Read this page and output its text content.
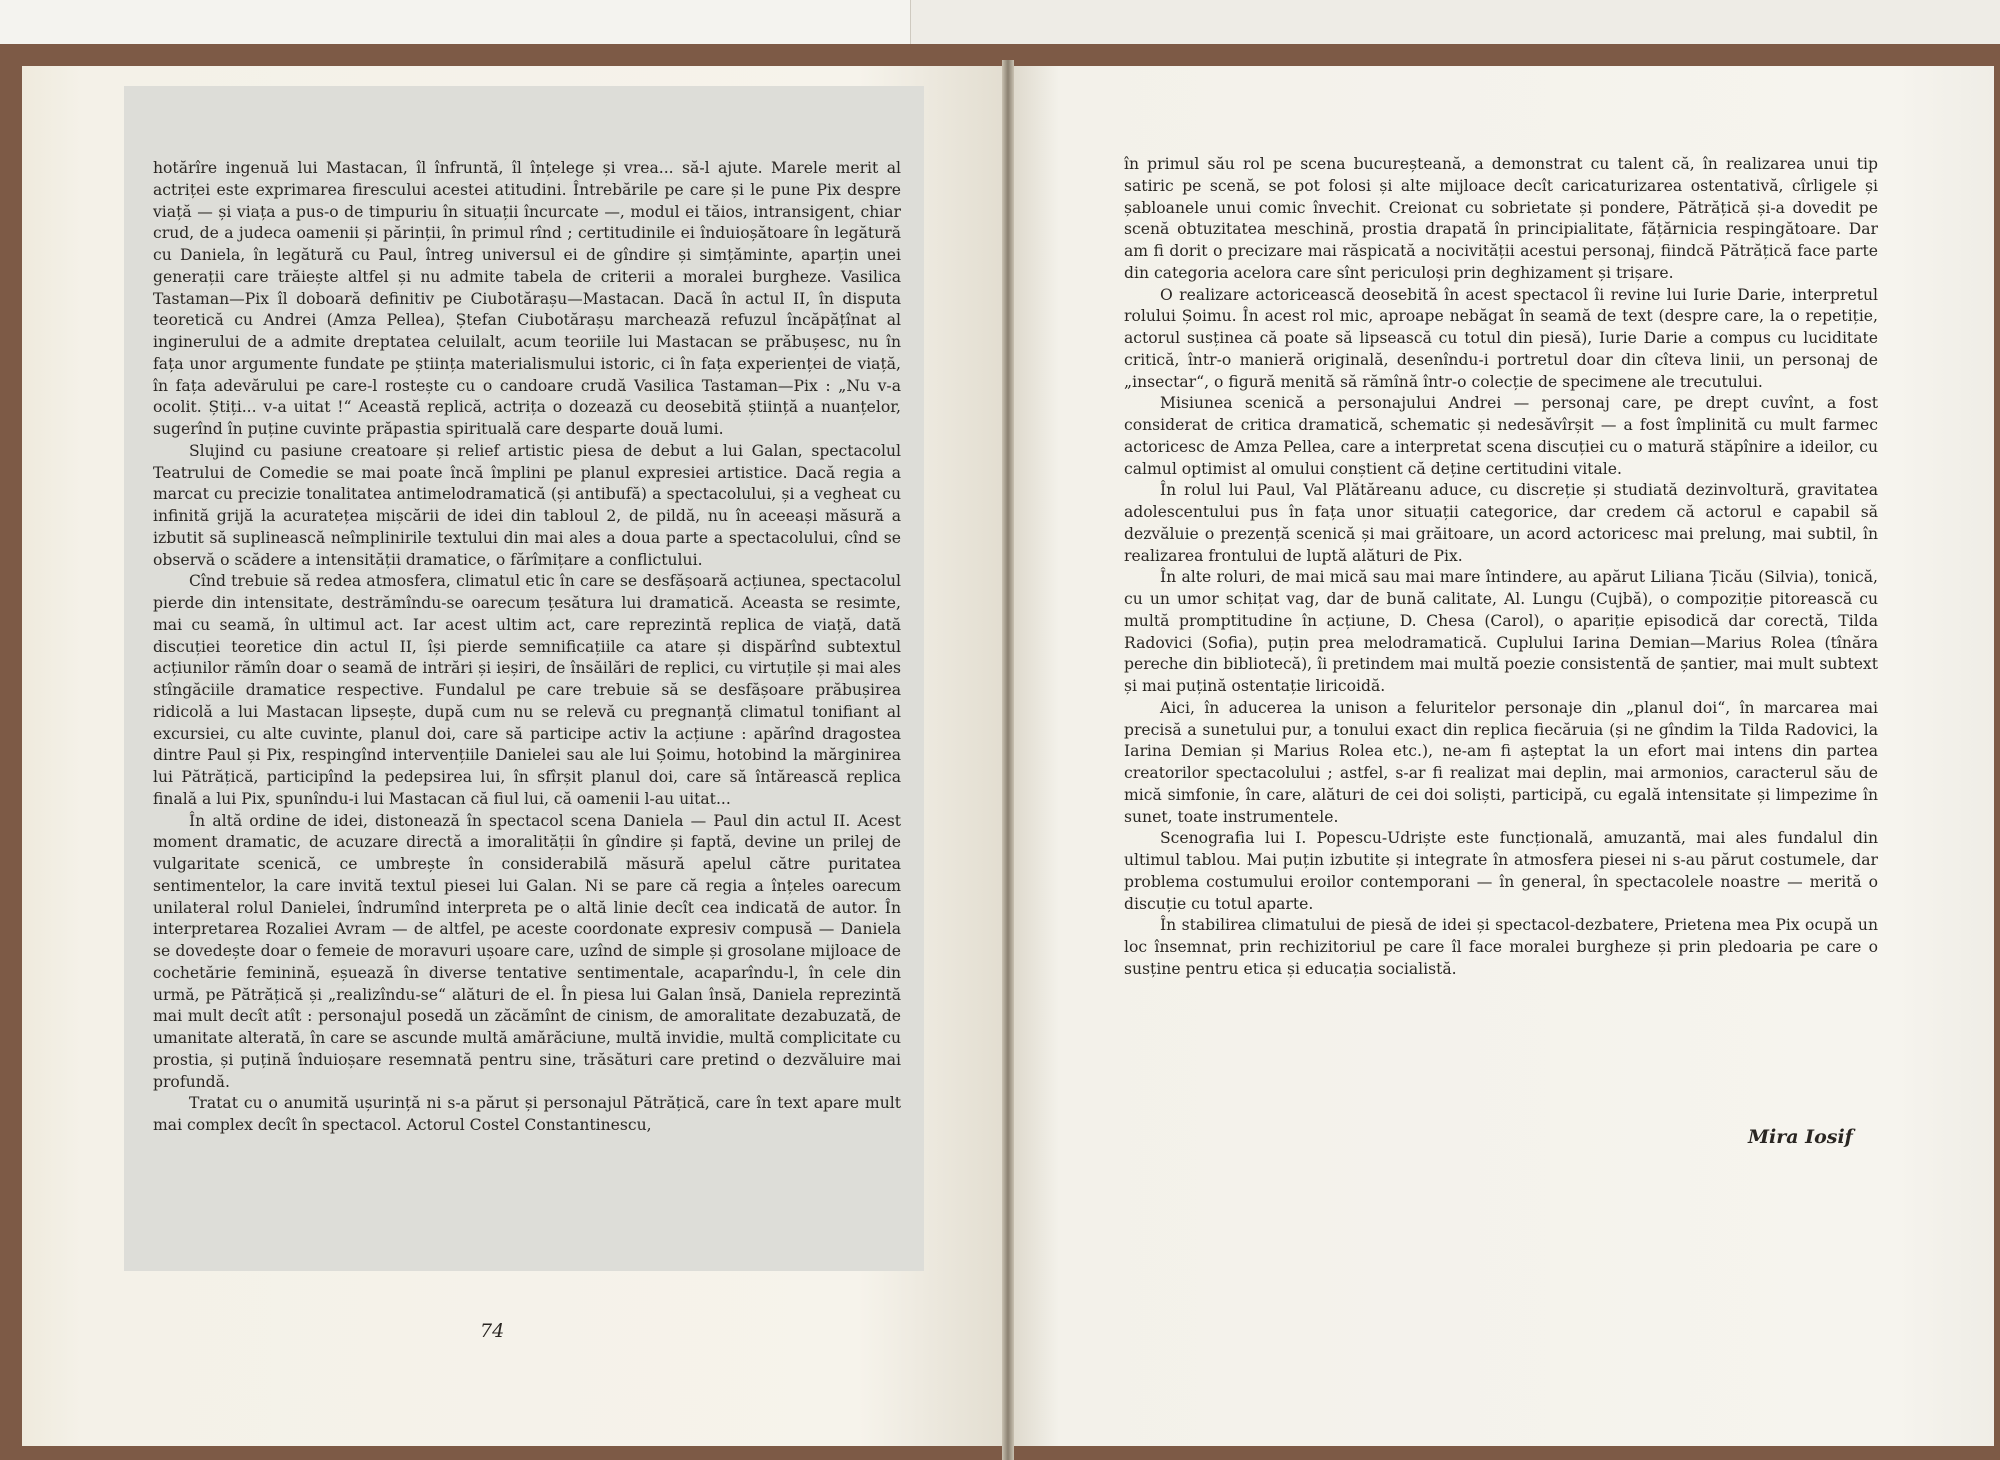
hotărîre ingenuă lui Mastacan, îl înfruntă, îl înțelege și vrea... să-l ajute. Marele merit al actriței este exprimarea firescului acestei atitudini. Întrebările pe care și le pune Pix despre viață — și viața a pus-o de timpuriu în situații încurcate —, modul ei tăios, intransigent, chiar crud, de a judeca oamenii și părinții, în primul rînd ; certitudinile ei înduioșătoare în legătură cu Daniela, în legătură cu Paul, întreg universul ei de gîndire și simțăminte, aparțin unei generații care trăiește altfel și nu admite tabela de criterii a moralei burgheze. Vasilica Tastaman—Pix îl doboară definitiv pe Ciubotărașu—Mastacan. Dacă în actul II, în disputa teoretică cu Andrei (Amza Pellea), Ștefan Ciubotărașu marchează refuzul încăpățînat al inginerului de a admite dreptatea celuilalt, acum teoriile lui Mastacan se prăbușesc, nu în fața unor argumente fundate pe știința materialismului istoric, ci în fața experienței de viață, în fața adevărului pe care-l rostește cu o candoare crudă Vasilica Tastaman—Pix : „Nu v-a ocolit. Știți... v-a uitat !“ Această replică, actrița o dozează cu deosebită știință a nuanțelor, sugerînd în puține cuvinte prăpastia spirituală care desparte două lumi.

Slujind cu pasiune creatoare și relief artistic piesa de debut a lui Galan, spectacolul Teatrului de Comedie se mai poate încă împlini pe planul expresiei artistice. Dacă regia a marcat cu precizie tonalitatea antimelodramatică (și antibufă) a spectacolului, și a vegheat cu infinită grijă la acuratețea mișcării de idei din tabloul 2, de pildă, nu în aceeași măsură a izbutit să suplinească neîmplinirile textului din mai ales a doua parte a spectacolului, cînd se observă o scădere a intensității dramatice, o fărîmițare a conflictului.

Cînd trebuie să redea atmosfera, climatul etic în care se desfășoară acțiunea, spectacolul pierde din intensitate, destrămîndu-se oarecum țesătura lui dramatică. Aceasta se resimte, mai cu seamă, în ultimul act. Iar acest ultim act, care reprezintă replica de viață, dată discuției teoretice din actul II, își pierde semnificațiile ca atare și dispărînd subtextul acțiunilor rămîn doar o seamă de intrări și ieșiri, de însăilări de replici, cu virtuțile și mai ales stîngăciile dramatice respective. Fundalul pe care trebuie să se desfășoare prăbușirea ridicolă a lui Mastacan lipsește, după cum nu se relevă cu pregnanță climatul tonifiant al excursiei, cu alte cuvinte, planul doi, care să participe activ la acțiune : apărînd dragostea dintre Paul și Pix, respingînd intervențiile Danielei sau ale lui Șoimu, hotobind la mărginirea lui Pătrățică, participînd la pedepsirea lui, în sfîrșit planul doi, care să întărească replica finală a lui Pix, spunîndu-i lui Mastacan că fiul lui, că oamenii l-au uitat...

În altă ordine de idei, distonează în spectacol scena Daniela — Paul din actul II. Acest moment dramatic, de acuzare directă a imoralității în gîndire și faptă, devine un prilej de vulgaritate scenică, ce umbrește în considerabilă măsură apelul către puritatea sentimentelor, la care invită textul piesei lui Galan. Ni se pare că regia a înțeles oarecum unilateral rolul Danielei, îndrumînd interpreta pe o altă linie decît cea indicată de autor. În interpretarea Rozaliei Avram — de altfel, pe aceste coordonate expresiv compusă — Daniela se dovedește doar o femeie de moravuri ușoare care, uzînd de simple și grosolane mijloace de cochetărie feminină, eșuează în diverse tentative sentimentale, acaparîndu-l, în cele din urmă, pe Pătrățică și „realizîndu-se“ alături de el. În piesa lui Galan însă, Daniela reprezintă mai mult decît atît : personajul posedă un zăcămînt de cinism, de amoralitate dezabuzată, de umanitate alterată, în care se ascunde multă amărăciune, multă invidie, multă complicitate cu prostia, și puțină înduioșare resemnată pentru sine, trăsături care pretind o dezvăluire mai profundă.

Tratat cu o anumită ușurință ni s-a părut și personajul Pătrățică, care în text apare mult mai complex decît în spectacol. Actorul Costel Constantinescu,

74

în primul său rol pe scena bucureșteană, a demonstrat cu talent că, în realizarea unui tip satiric pe scenă, se pot folosi și alte mijloace decît caricaturizarea ostentativă, cîrligele și șabloanele unui comic învechit. Creionat cu sobrietate și pondere, Pătrățică și-a dovedit pe scenă obtuzitatea meschină, prostia drapată în principialitate, fățărnicia respingătoare. Dar am fi dorit o precizare mai răspicată a nocivității acestui personaj, fiindcă Pătrățică face parte din categoria acelora care sînt periculoși prin deghizament și trișare.

O realizare actoricească deosebită în acest spectacol îi revine lui Iurie Darie, interpretul rolului Șoimu. În acest rol mic, aproape nebăgat în seamă de text (despre care, la o repetiție, actorul susținea că poate să lipsească cu totul din piesă), Iurie Darie a compus cu luciditate critică, într-o manieră originală, desenîndu-i portretul doar din cîteva linii, un personaj de „insectar“, o figură menită să rămînă într-o colecție de specimene ale trecutului.

Misiunea scenică a personajului Andrei — personaj care, pe drept cuvînt, a fost considerat de critica dramatică, schematic și nedesăvîrșit — a fost împlinită cu mult farmec actoricesc de Amza Pellea, care a interpretat scena discuției cu o matură stăpînire a ideilor, cu calmul optimist al omului conștient că deține certitudini vitale.

În rolul lui Paul, Val Plătăreanu aduce, cu discreție și studiată dezinvoltură, gravitatea adolescentului pus în fața unor situații categorice, dar credem că actorul e capabil să dezvăluie o prezență scenică și mai grăitoare, un acord actoricesc mai prelung, mai subtil, în realizarea frontului de luptă alături de Pix.

În alte roluri, de mai mică sau mai mare întindere, au apărut Liliana Țicău (Silvia), tonică, cu un umor schițat vag, dar de bună calitate, Al. Lungu (Cujbă), o compoziție pitorească cu multă promptitudine în acțiune, D. Chesa (Carol), o apariție episodică dar corectă, Tilda Radovici (Sofia), puțin prea melodramatică. Cuplului Iarina Demian—Marius Rolea (tînăra pereche din bibliotecă), îi pretindem mai multă poezie consistentă de șantier, mai mult subtext și mai puțină ostentație liricoidă.

Aici, în aducerea la unison a feluritelor personaje din „planul doi“, în marcarea mai precisă a sunetului pur, a tonului exact din replica fiecăruia (și ne gîndim la Tilda Radovici, la Iarina Demian și Marius Rolea etc.), ne-am fi așteptat la un efort mai intens din partea creatorilor spectacolului ; astfel, s-ar fi realizat mai deplin, mai armonios, caracterul său de mică simfonie, în care, alături de cei doi soliști, participă, cu egală intensitate și limpezime în sunet, toate instrumentele.

Scenografia lui I. Popescu-Udriște este funcțională, amuzantă, mai ales fundalul din ultimul tablou. Mai puțin izbutite și integrate în atmosfera piesei ni s-au părut costumele, dar problema costumului eroilor contemporani — în general, în spectacolele noastre — merită o discuție cu totul aparte.

În stabilirea climatului de piesă de idei și spectacol-dezbatere, Prietena mea Pix ocupă un loc însemnat, prin rechizitoriul pe care îl face moralei burgheze și prin pledoaria pe care o susține pentru etica și educația socialistă.

Mira Iosif
